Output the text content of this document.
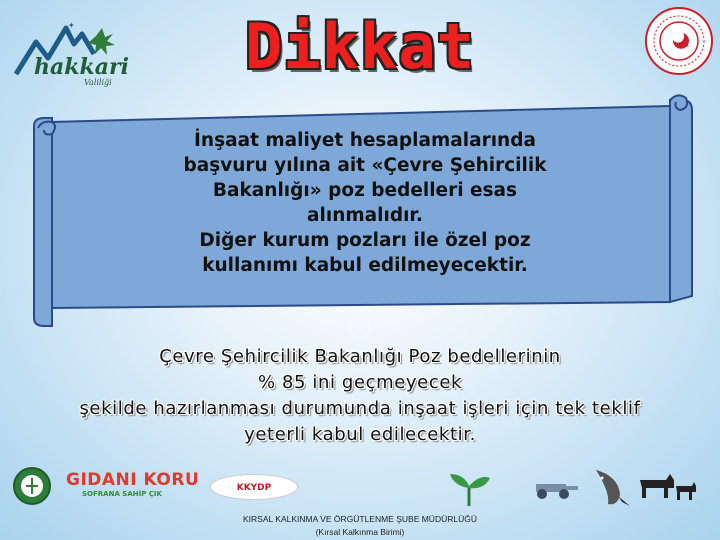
✦
hakkari
Valiliği	Dikkat
İnşaat maliyet hesaplamalarında
başvuru yılına ait «Çevre Şehircilik
Bakanlığı» poz bedelleri esas
alınmalıdır.
Diğer kurum pozları ile özel poz
kullanımı kabul edilmeyecektir.
Çevre Şehircilik Bakanlığı Poz bedellerinin
% 85 ini geçmeyecek
şekilde hazırlanması durumunda inşaat işleri için tek teklif
yeterli kabul edilecektir.
GIDANI KORU
SOFRANA SAHİP ÇIK
KKYDP
KIRSAL KALKINMA VE ÖRGÜTLENME ŞUBE MÜDÜRLÜĞÜ
(Kırsal Kalkınma Birimi)
